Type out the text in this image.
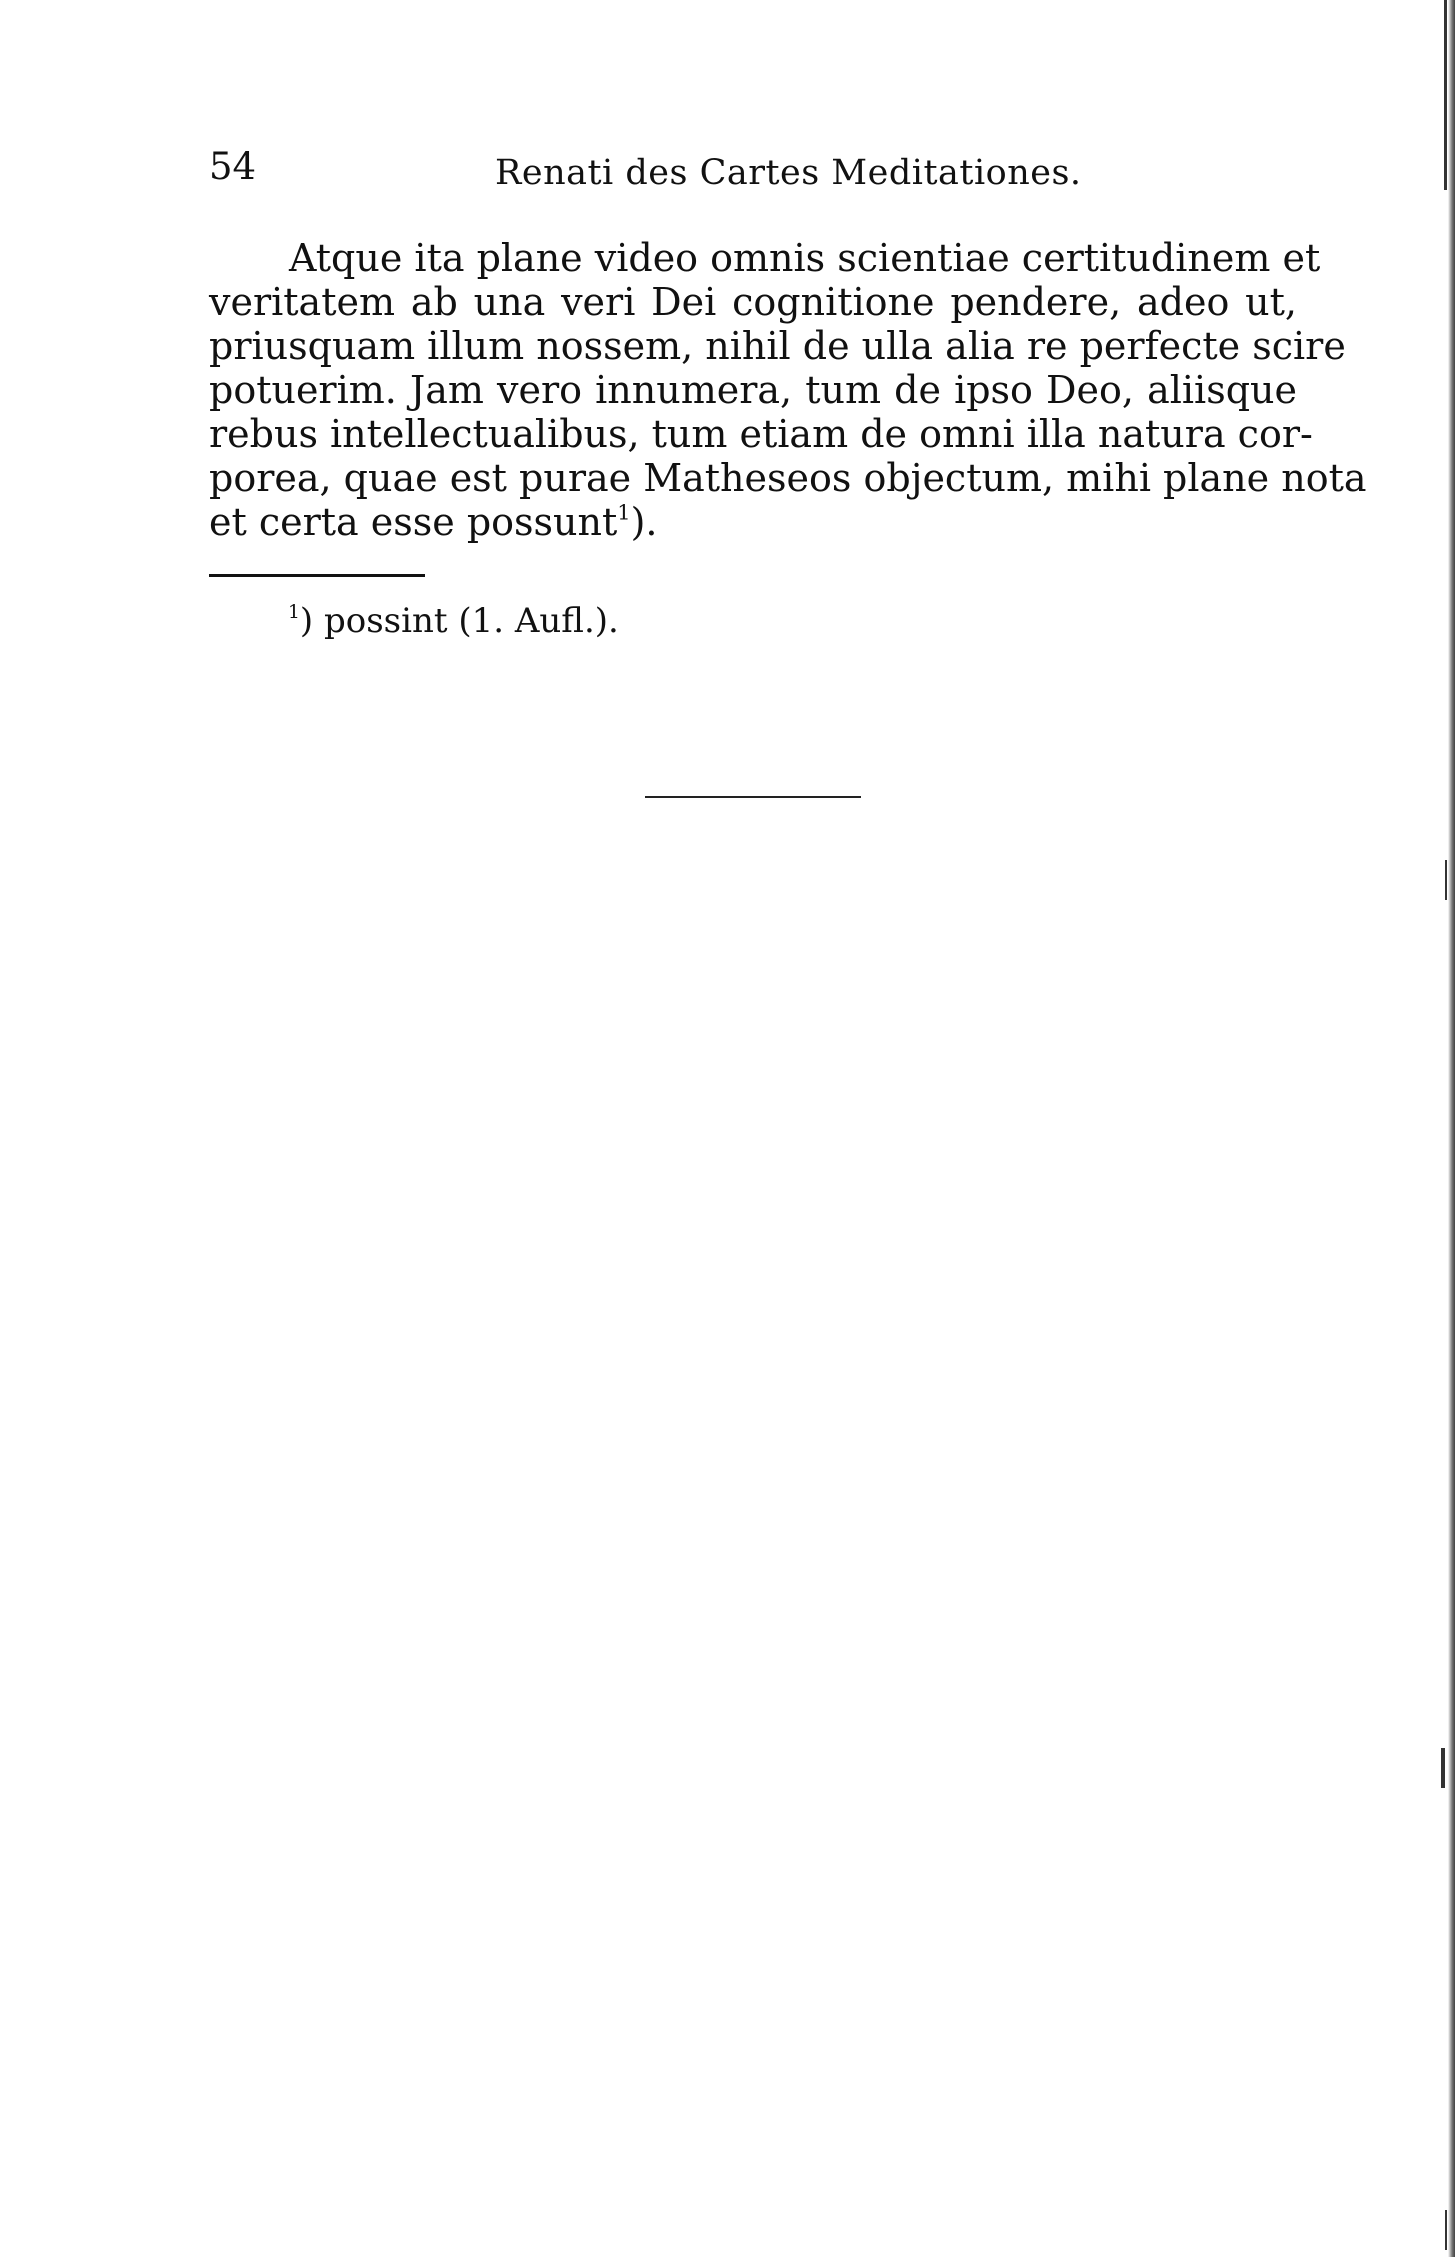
54	Renati des Cartes Meditationes.
Atque ita plane video omnis scientiae certitudinem et
veritatem ab una veri Dei cognitione pendere, adeo ut,
priusquam illum nossem, nihil de ulla alia re perfecte scire
potuerim. Jam vero innumera, tum de ipso Deo, aliisque
rebus intellectualibus, tum etiam de omni illa natura cor-
porea, quae est purae Matheseos objectum, mihi plane nota
et certa esse possunt$^1$).
$^1$) possint (1. Aufl.).
